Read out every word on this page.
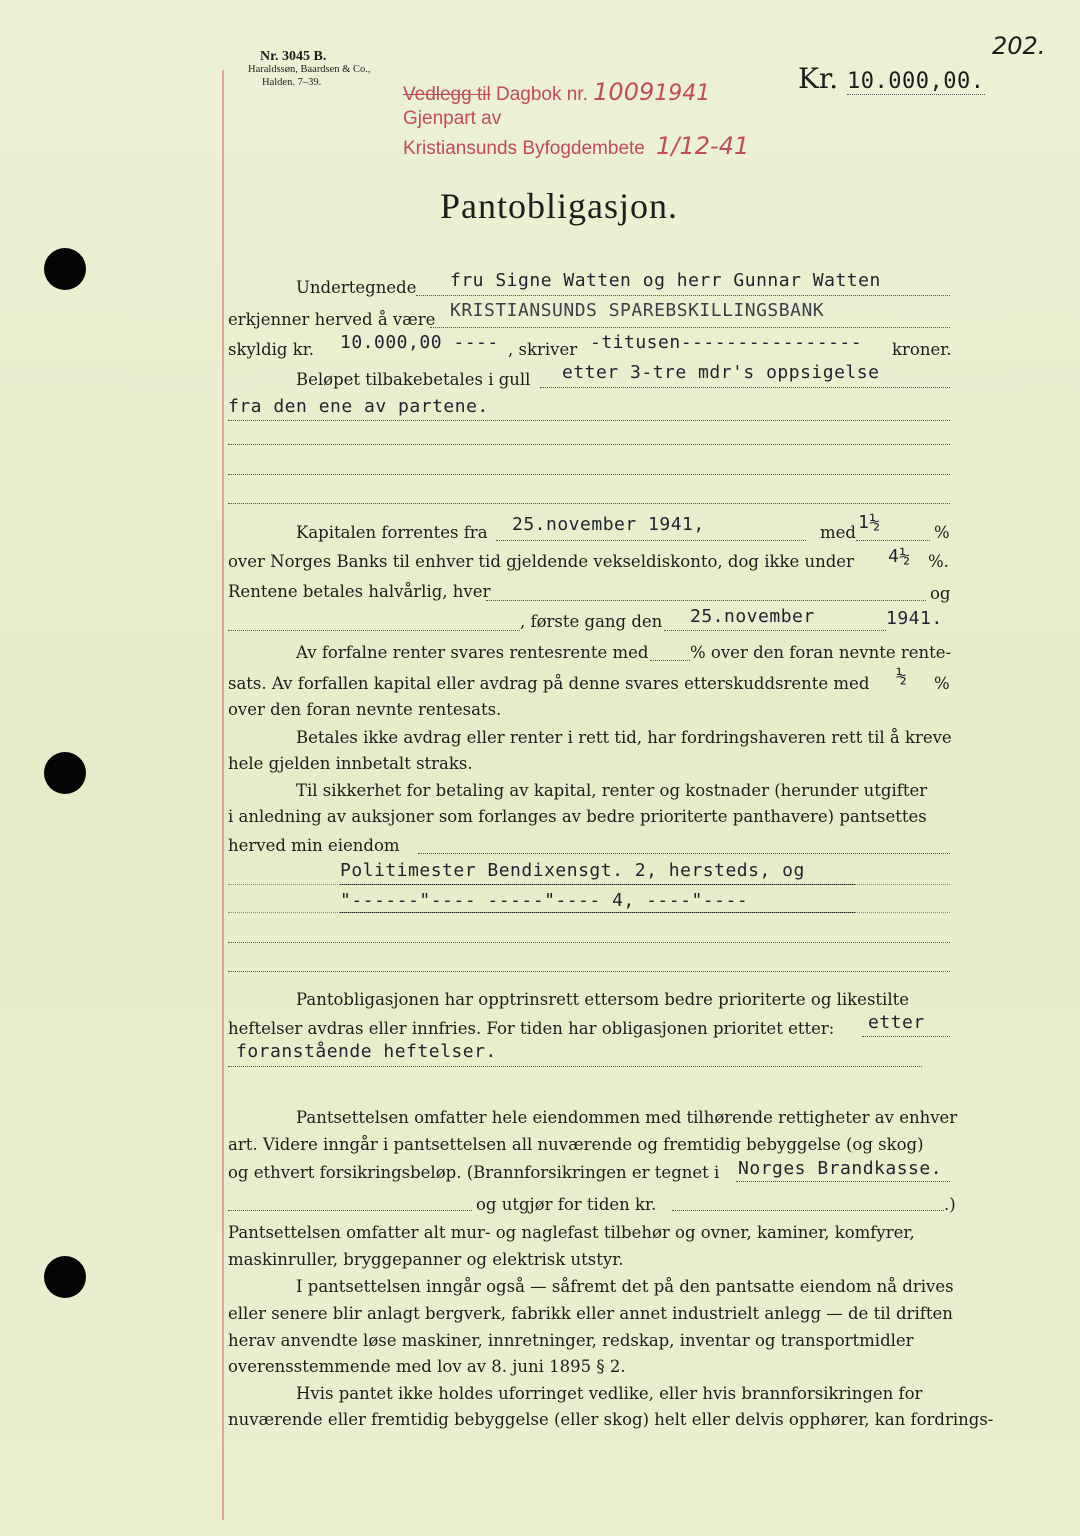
Nr. 3045 B.
Haraldssøn, Baardsen & Co.,
Halden. 7–39.
Vedlegg til Dagbok nr. 10091941
Gjenpart av
Kristiansunds Byfogdembete 1/12-41
Kr. 10.000,00.
202.
Pantobligasjon.
Undertegnede fru Signe Watten og herr Gunnar Watten
erkjenner herved å være KRISTIANSUNDS SPAREBSKILLINGSBANK
skyldig kr. 10.000,00 ---- , skriver -titusen---------------- kroner.
Beløpet tilbakebetales i gull etter 3-tre mdr's oppsigelse
fra den ene av partene.
Kapitalen forrentes fra 25.november 1941,	med 1½	%
over Norges Banks til enhver tid gjeldende vekseldiskonto, dog ikke under 4½ %.
Rentene betales halvårlig, hver	og
, første gang den 25.november	1941.
Av forfalne renter svares rentesrente med	% over den foran nevnte rente-
sats. Av forfallen kapital eller avdrag på denne svares etterskuddsrente med ½ %
over den foran nevnte rentesats.
Betales ikke avdrag eller renter i rett tid, har fordringshaveren rett til å kreve
hele gjelden innbetalt straks.
Til sikkerhet for betaling av kapital, renter og kostnader (herunder utgifter
i anledning av auksjoner som forlanges av bedre prioriterte panthavere) pantsettes
herved min eiendom
Politimester Bendixensgt. 2, hersteds, og
"------"---- -----"---- 4, ----"----
Pantobligasjonen har opptrinsrett ettersom bedre prioriterte og likestilte
heftelser avdras eller innfries. For tiden har obligasjonen prioritet etter: etter
foranstående heftelser.
Pantsettelsen omfatter hele eiendommen med tilhørende rettigheter av enhver
art. Videre inngår i pantsettelsen all nuværende og fremtidig bebyggelse (og skog)
og ethvert forsikringsbeløp. (Brannforsikringen er tegnet i Norges Brandkasse.
og utgjør for tiden kr.	.)
Pantsettelsen omfatter alt mur- og naglefast tilbehør og ovner, kaminer, komfyrer,
maskinruller, bryggepanner og elektrisk utstyr.
I pantsettelsen inngår også — såfremt det på den pantsatte eiendom nå drives
eller senere blir anlagt bergverk, fabrikk eller annet industrielt anlegg — de til driften
herav anvendte løse maskiner, innretninger, redskap, inventar og transportmidler
overensstemmende med lov av 8. juni 1895 § 2.
Hvis pantet ikke holdes uforringet vedlike, eller hvis brannforsikringen for
nuværende eller fremtidig bebyggelse (eller skog) helt eller delvis opphører, kan fordrings-
